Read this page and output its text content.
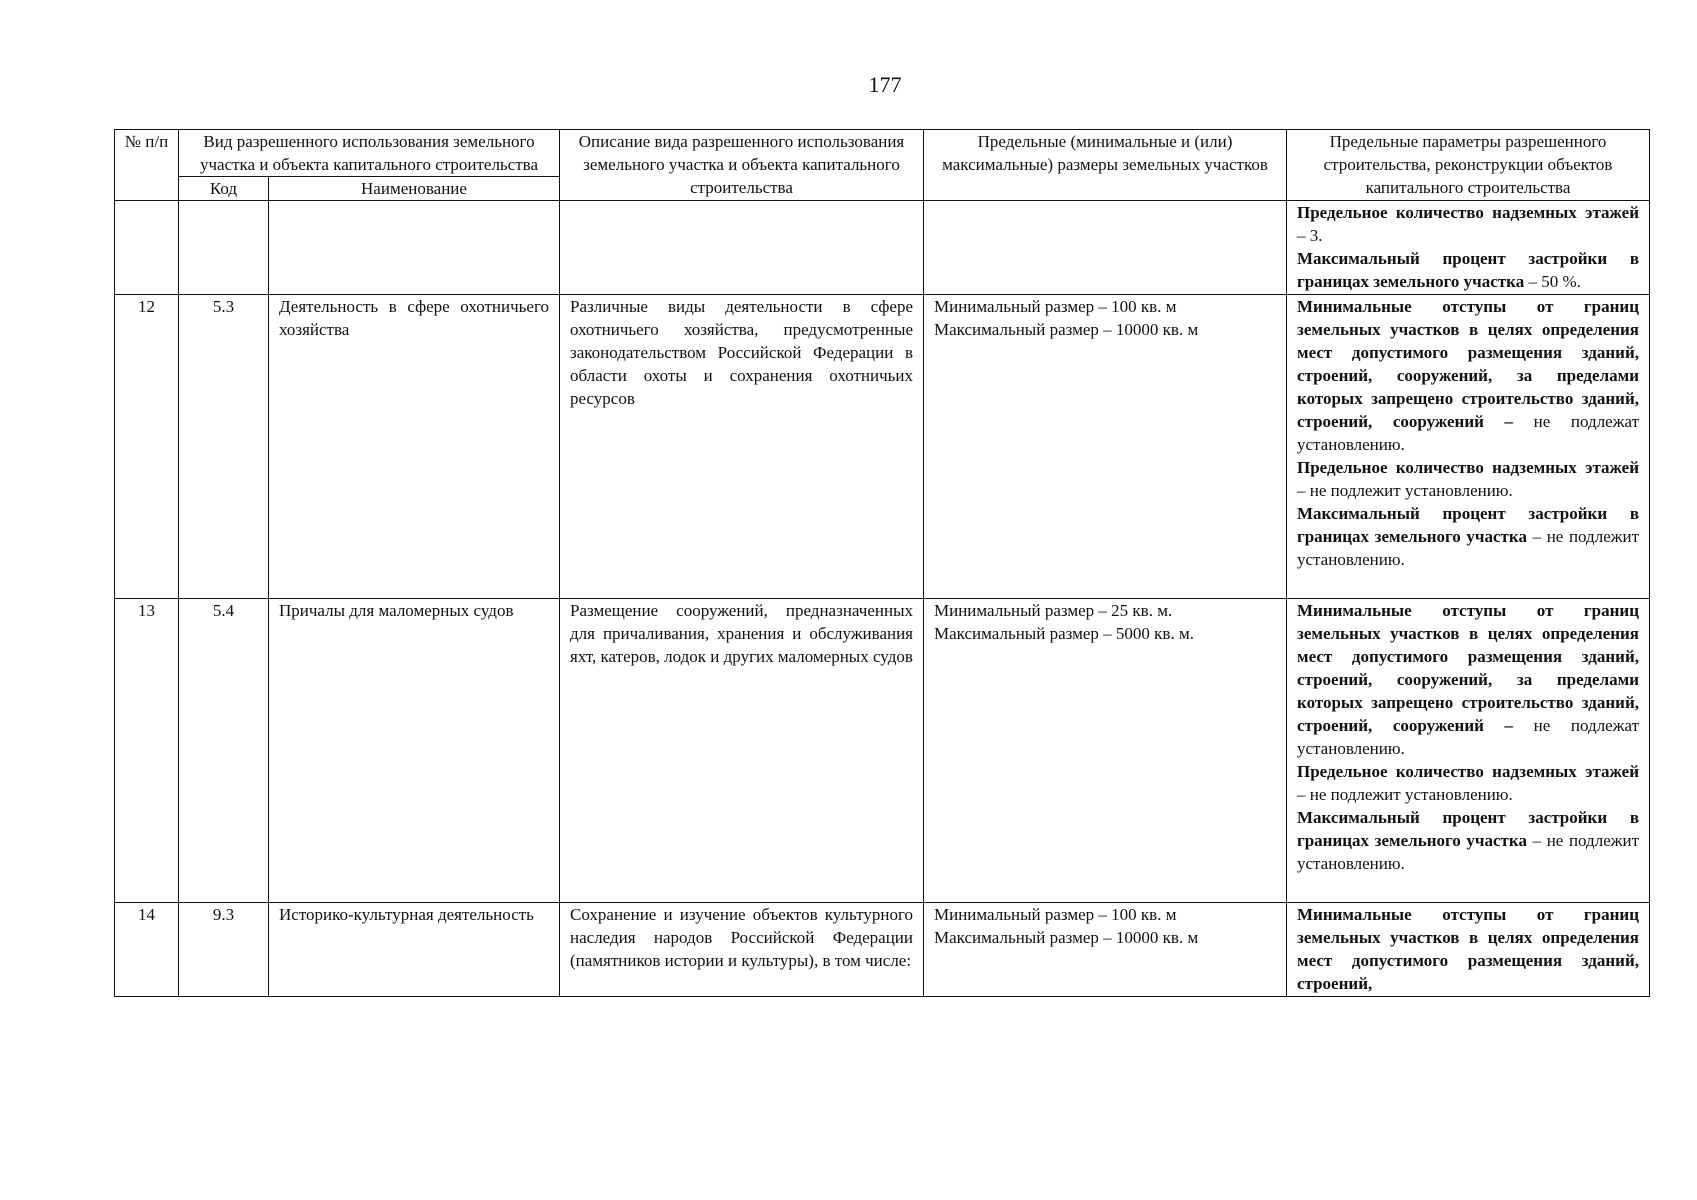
177
№ п/п	Вид разрешенного использования земельного участка и объекта капитального строительства		Описание вида разрешенного использования земельного участка и объекта капитального строительства	Предельные (минимальные и (или) максимальные) размеры земельных участков	Предельные параметры разрешенного строительства, реконструкции объектов капитального строительства
	Код	Наименование			

					Предельное количество надземных этажей – 3.
Максимальный процент застройки в границах земельного участка – 50 %.

12	5.3	Деятельность в сфере охотничьего хозяйства	Различные виды деятельности в сфере охотничьего хозяйства, предусмотренные законодательством Российской Федерации в области охоты и сохранения охотничьих ресурсов	Минимальный размер – 100 кв. м
Максимальный размер – 10000 кв. м	Минимальные отступы от границ земельных участков в целях определения мест допустимого размещения зданий, строений, сооружений, за пределами которых запрещено строительство зданий, строений, сооружений – не подлежат установлению.
Предельное количество надземных этажей – не подлежит установлению.
Максимальный процент застройки в границах земельного участка – не подлежит установлению.

13	5.4	Причалы для маломерных судов	Размещение сооружений, предназначенных для причаливания, хранения и обслуживания яхт, катеров, лодок и других маломерных судов	Минимальный размер – 25 кв. м.
Максимальный размер – 5000 кв. м.	Минимальные отступы от границ земельных участков в целях определения мест допустимого размещения зданий, строений, сооружений, за пределами которых запрещено строительство зданий, строений, сооружений – не подлежат установлению.
Предельное количество надземных этажей – не подлежит установлению.
Максимальный процент застройки в границах земельного участка – не подлежит установлению.

14	9.3	Историко-культурная деятельность	Сохранение и изучение объектов культурного наследия народов Российской Федерации (памятников истории и культуры), в том числе:	Минимальный размер – 100 кв. м
Максимальный размер – 10000 кв. м	Минимальные отступы от границ земельных участков в целях определения мест допустимого размещения зданий, строений,
